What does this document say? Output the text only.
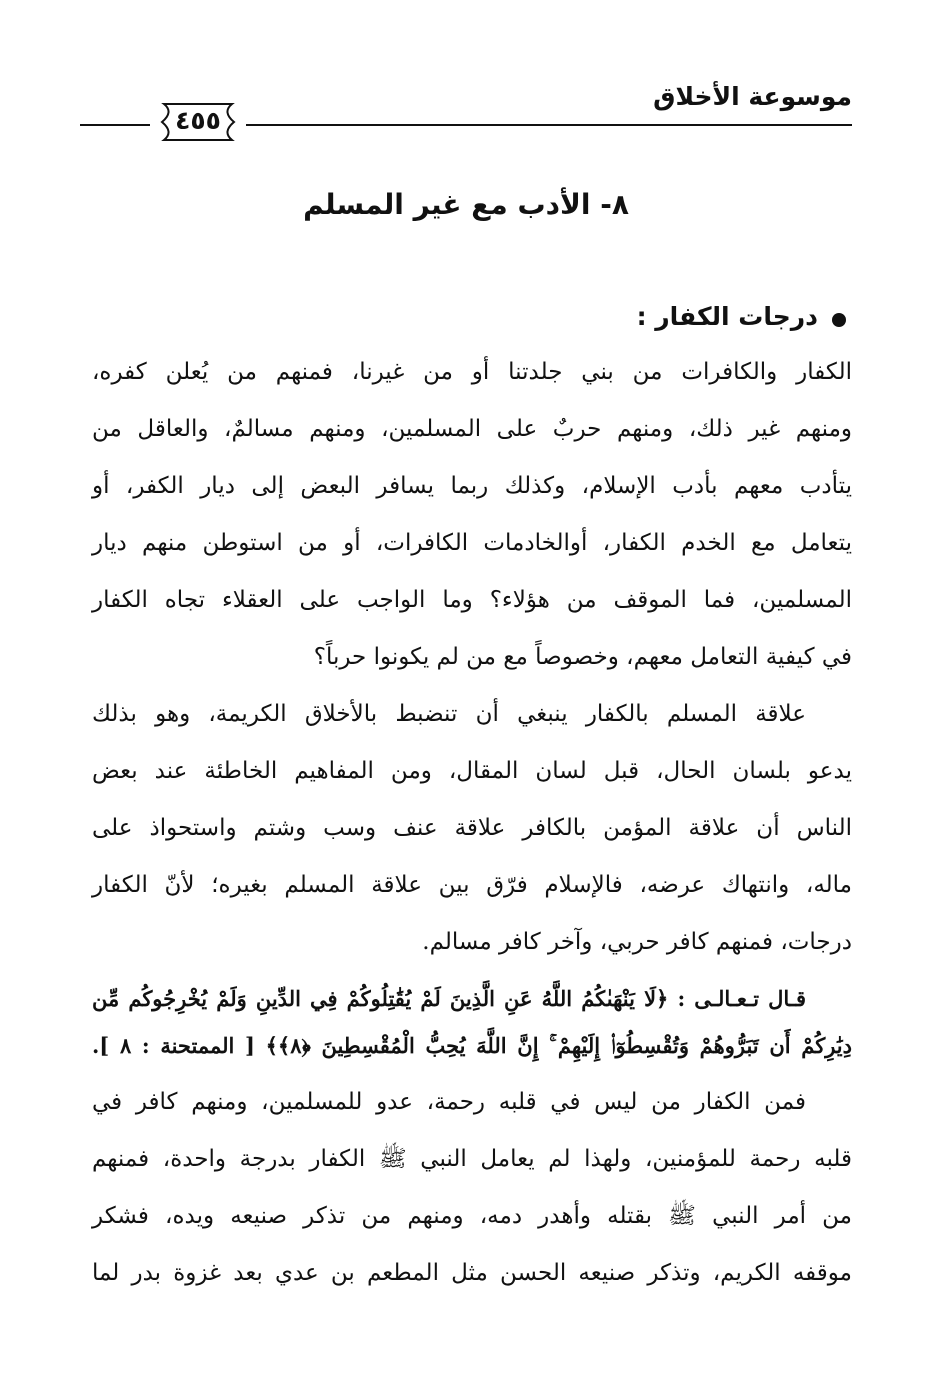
موسوعة الأخلاق
٤٥٥
٨- الأدب مع غير المسلم
درجات الكفار :
الكفار والكافرات من بني جلدتنا أو من غيرنا، فمنهم من يُعلن كفره،
ومنهم غير ذلك، ومنهم حربٌ على المسلمين، ومنهم مسالمٌ، والعاقل من
يتأدب معهم بأدب الإسلام، وكذلك ربما يسافر البعض إلى ديار الكفر، أو
يتعامل مع الخدم الكفار، أوالخادمات الكافرات، أو من استوطن منهم ديار
المسلمين، فما الموقف من هؤلاء؟ وما الواجب على العقلاء تجاه الكفار
في كيفية التعامل معهم، وخصوصاً مع من لم يكونوا حرباً؟
علاقة المسلم بالكفار ينبغي أن تنضبط بالأخلاق الكريمة، وهو بذلك
يدعو بلسان الحال، قبل لسان المقال، ومن المفاهيم الخاطئة عند بعض
الناس أن علاقة المؤمن بالكافر علاقة عنف وسب وشتم واستحواذ على
ماله، وانتهاك عرضه، فالإسلام فرّق بين علاقة المسلم بغيره؛ لأنّ الكفار
درجات، فمنهم كافر حربي، وآخر كافر مسالم.
قـال تـعـالـى : ﴿لَا يَنْهَىٰكُمُ اللَّهُ عَنِ الَّذِينَ لَمْ يُقَٰتِلُوكُمْ فِي الدِّينِ وَلَمْ يُخْرِجُوكُم مِّن
دِيَٰرِكُمْ أَن تَبَرُّوهُمْ وَتُقْسِطُوٓا۟ إِلَيْهِمْ ۚ إِنَّ اللَّهَ يُحِبُّ الْمُقْسِطِينَ ﴿٨﴾﴾ [ الممتحنة : ٨ ].
فمن الكفار من ليس في قلبه رحمة، عدو للمسلمين، ومنهم كافر في
قلبه رحمة للمؤمنين، ولهذا لم يعامل النبي ﷺ الكفار بدرجة واحدة، فمنهم
من أمر النبي ﷺ بقتله وأهدر دمه، ومنهم من تذكر صنيعه ويده، فشكر
موقفه الكريم، وتذكر صنيعه الحسن مثل المطعم بن عدي بعد غزوة بدر لما
